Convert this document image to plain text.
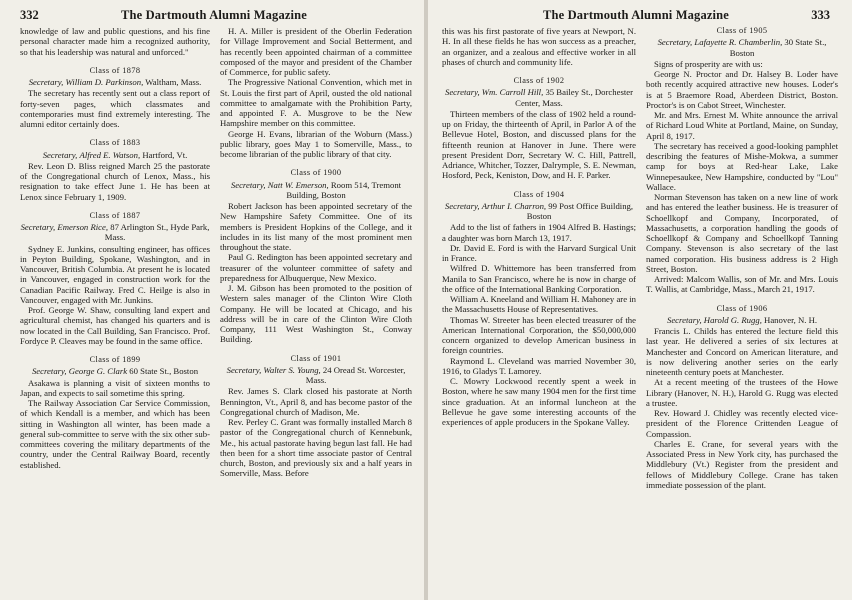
332	The Dartmouth Alumni Magazine

knowledge of law and public questions, and his fine personal character made him a recognized authority, so that his leadership was natural and unforced."

Class of 1878
Secretary, William D. Parkinson, Waltham, Mass.

The secretary has recently sent out a class report of forty-seven pages, which classmates and contemporaries must find extremely interesting. The alumni editor certainly does.

Class of 1883
Secretary, Alfred E. Watson, Hartford, Vt.

Rev. Leon D. Bliss reigned March 25 the pastorate of the Congregational church of Lenox, Mass., his resignation to take effect June 1. He has been at Lenox since February 1, 1909.

Class of 1887
Secretary, Emerson Rice, 87 Arlington St., Hyde Park, Mass.

Sydney E. Junkins, consulting engineer, has offices in Peyton Building, Spokane, Washington, and in Vancouver, British Columbia. At present he is located in Vancouver, engaged in construction work for the Canadian Pacific Railway. Fred C. Heilge is also in Vancouver, engaged with Mr. Junkins.

Prof. George W. Shaw, consulting land expert and agricultural chemist, has changed his quarters and is now located in the Call Building, San Francisco. Prof. Fordyce P. Cleaves may be found in the same office.

Class of 1899
Secretary, George G. Clark 60 State St., Boston

Asakawa is planning a visit of sixteen months to Japan, and expects to sail sometime this spring.

The Railway Association Car Service Commission, of which Kendall is a member, and which has been sitting in Washington all winter, has been made a general sub-committee to serve with the six other sub-committees covering the military departments of the country, under the Central Railway Board, recently established.

H. A. Miller is president of the Oberlin Federation for Village Improvement and Social Betterment, and has recently been appointed chairman of a committee composed of the mayor and president of the Chamber of Commerce, for public safety.

The Progressive National Convention, which met in St. Louis the first part of April, ousted the old national committee to amalgamate with the Prohibition Party, and appointed F. A. Musgrove to be the New Hampshire member on this committee.

George H. Evans, librarian of the Woburn (Mass.) public library, goes May 1 to Somerville, Mass., to become librarian of the public library of that city.

Class of 1900
Secretary, Natt W. Emerson, Room 514, Tremont Building, Boston

Robert Jackson has been appointed secretary of the New Hampshire Safety Committee. One of its members is President Hopkins of the College, and it includes in its list many of the most prominent men throughout the state.

Paul G. Redington has been appointed secretary and treasurer of the volunteer committee of safety and preparedness for Albuquerque, New Mexico.

J. M. Gibson has been promoted to the position of Western sales manager of the Clinton Wire Cloth Company. He will be located at Chicago, and his address will be in care of the Clinton Wire Cloth Company, 111 West Washington St., Conway Building.

Class of 1901
Secretary, Walter S. Young, 24 Oread St. Worcester, Mass.

Rev. James S. Clark closed his pastorate at North Bennington, Vt., April 8, and has become pastor of the Congregational church of Madison, Me.

Rev. Perley C. Grant was formally installed March 8 pastor of the Congregational church of Kennebunk, Me., his actual pastorate having begun last fall. He had then been for a short time associate pastor of Central church, Boston, and previously six and a half years in Somerville, Mass. Before

The Dartmouth Alumni Magazine	333

this was his first pastorate of five years at Newport, N. H. In all these fields he has won success as a preacher, an organizer, and a zealous and effective worker in all phases of church and community life.

Class of 1902
Secretary, Wm. Carroll Hill, 35 Bailey St., Dorchester Center, Mass.

Thirteen members of the class of 1902 held a round-up on Friday, the thirteenth of April, in Parlor A of the Bellevue Hotel, Boston, and discussed plans for the fifteenth reunion at Hanover in June. There were present President Dorr, Secretary W. C. Hill, Pattrell, Adriance, Whitcher, Tozzer, Dalrymple, S. E. Newman, Hosford, Peck, Keniston, Dow, and H. F. Parker.

Class of 1904
Secretary, Arthur I. Charron, 99 Post Office Building, Boston

Add to the list of fathers in 1904 Alfred B. Hastings; a daughter was born March 13, 1917.

Dr. David E. Ford is with the Harvard Surgical Unit in France.

Wilfred D. Whittemore has been transferred from Manila to San Francisco, where he is now in charge of the office of the International Banking Corporation.

William A. Kneeland and William H. Mahoney are in the Massachusetts House of Representatives.

Thomas W. Streeter has been elected treasurer of the American International Corporation, the $50,000,000 concern organized to develop American business in foreign countries.

Raymond L. Cleveland was married November 30, 1916, to Gladys T. Lamorey.

C. Mowry Lockwood recently spent a week in Boston, where he saw many 1904 men for the first time since graduation. At an informal luncheon at the Bellevue he gave some interesting accounts of the experiences of apple producers in the Spokane Valley.

Class of 1905
Secretary, Lafayette R. Chamberlin, 30 State St., Boston

Signs of prosperity are with us:

George N. Proctor and Dr. Halsey B. Loder have both recently acquired attractive new houses. Loder's is at 5 Braemore Road, Aberdeen District, Boston. Proctor's is on Cabot Street, Winchester.

Mr. and Mrs. Ernest M. White announce the arrival of Richard Loud White at Portland, Maine, on Sunday, April 8, 1917.

The secretary has received a good-looking pamphlet describing the features of Mishe-Mokwa, a summer camp for boys at Red-hear Lake, Lake Winnepesaukee, New Hampshire, conducted by "Lou" Wallace.

Norman Stevenson has taken on a new line of work and has entered the leather business. He is treasurer of Schoellkopf and Company, Incorporated, of Massachusetts, a corporation handling the goods of Schoellkopf & Company and Schoellkopf Tanning Company. Stevenson is also secretary of the last named corporation. His business address is 2 High Street, Boston.

Arrived: Malcom Wallis, son of Mr. and Mrs. Louis T. Wallis, at Cambridge, Mass., March 21, 1917.

Class of 1906
Secretary, Harold G. Rugg, Hanover, N. H.

Francis L. Childs has entered the lecture field this last year. He delivered a series of six lectures at Manchester and Concord on American literature, and is now delivering another series on the early nineteenth century poets at Manchester.

At a recent meeting of the trustees of the Howe Library (Hanover, N. H.), Harold G. Rugg was elected a trustee.

Rev. Howard J. Chidley was recently elected vice-president of the Florence Crittenden League of Compassion.

Charles E. Crane, for several years with the Associated Press in New York city, has purchased the Middlebury (Vt.) Register from the president and fellows of Middlebury College. Crane has taken immediate possession of the plant.
